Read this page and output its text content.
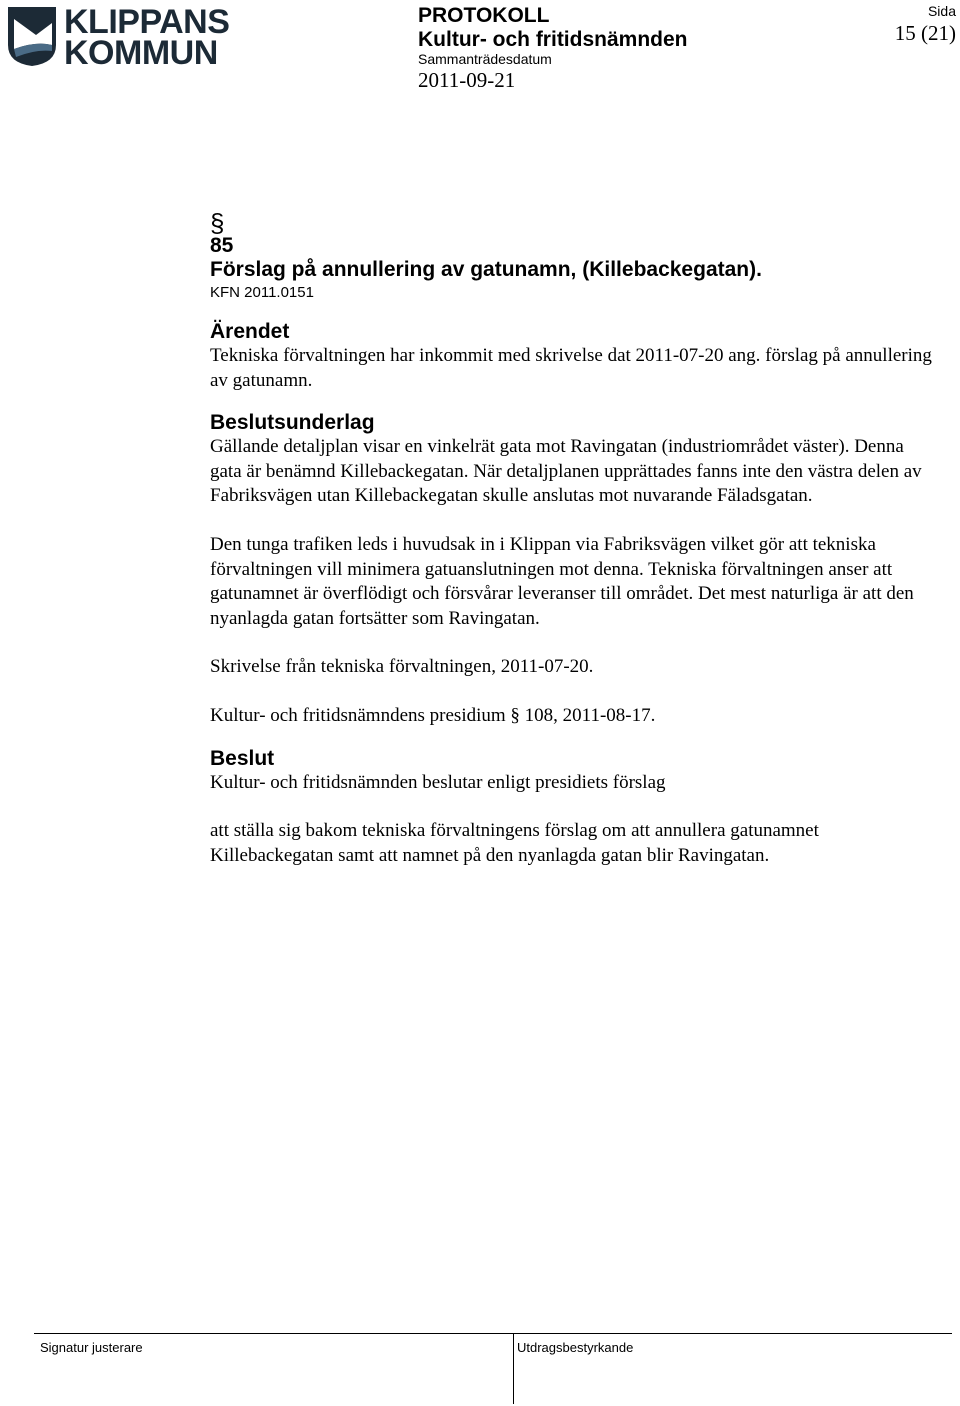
KLIPPANS
KOMMUN
PROTOKOLL
Kultur- och fritidsnämnden
Sammanträdesdatum
2011-09-21
Sida
15 (21)
§
85
Förslag på annullering av gatunamn, (Killebackegatan).
KFN 2011.0151
Ärendet

Tekniska förvaltningen har inkommit med skrivelse dat 2011-07-20 ang. förslag på annullering av gatunamn.

Beslutsunderlag

Gällande detaljplan visar en vinkelrät gata mot Ravingatan (industriområdet väster). Denna gata är benämnd Killebackegatan. När detaljplanen upprättades fanns inte den västra delen av Fabriksvägen utan Killebackegatan skulle anslutas mot nuvarande Fäladsgatan.

Den tunga trafiken leds i huvudsak in i Klippan via Fabriksvägen vilket gör att tekniska förvaltningen vill minimera gatuanslutningen mot denna. Tekniska förvaltningen anser att gatunamnet är överflödigt och försvårar leveranser till området. Det mest naturliga är att den nyanlagda gatan fortsätter som Ravingatan.

Skrivelse från tekniska förvaltningen, 2011-07-20.

Kultur- och fritidsnämndens presidium § 108, 2011-08-17.

Beslut

Kultur- och fritidsnämnden beslutar enligt presidiets förslag

att ställa sig bakom tekniska förvaltningens förslag om att annullera gatunamnet Killebackegatan samt att namnet på den nyanlagda gatan blir Ravingatan.

Signatur justerare	Utdragsbestyrkande
